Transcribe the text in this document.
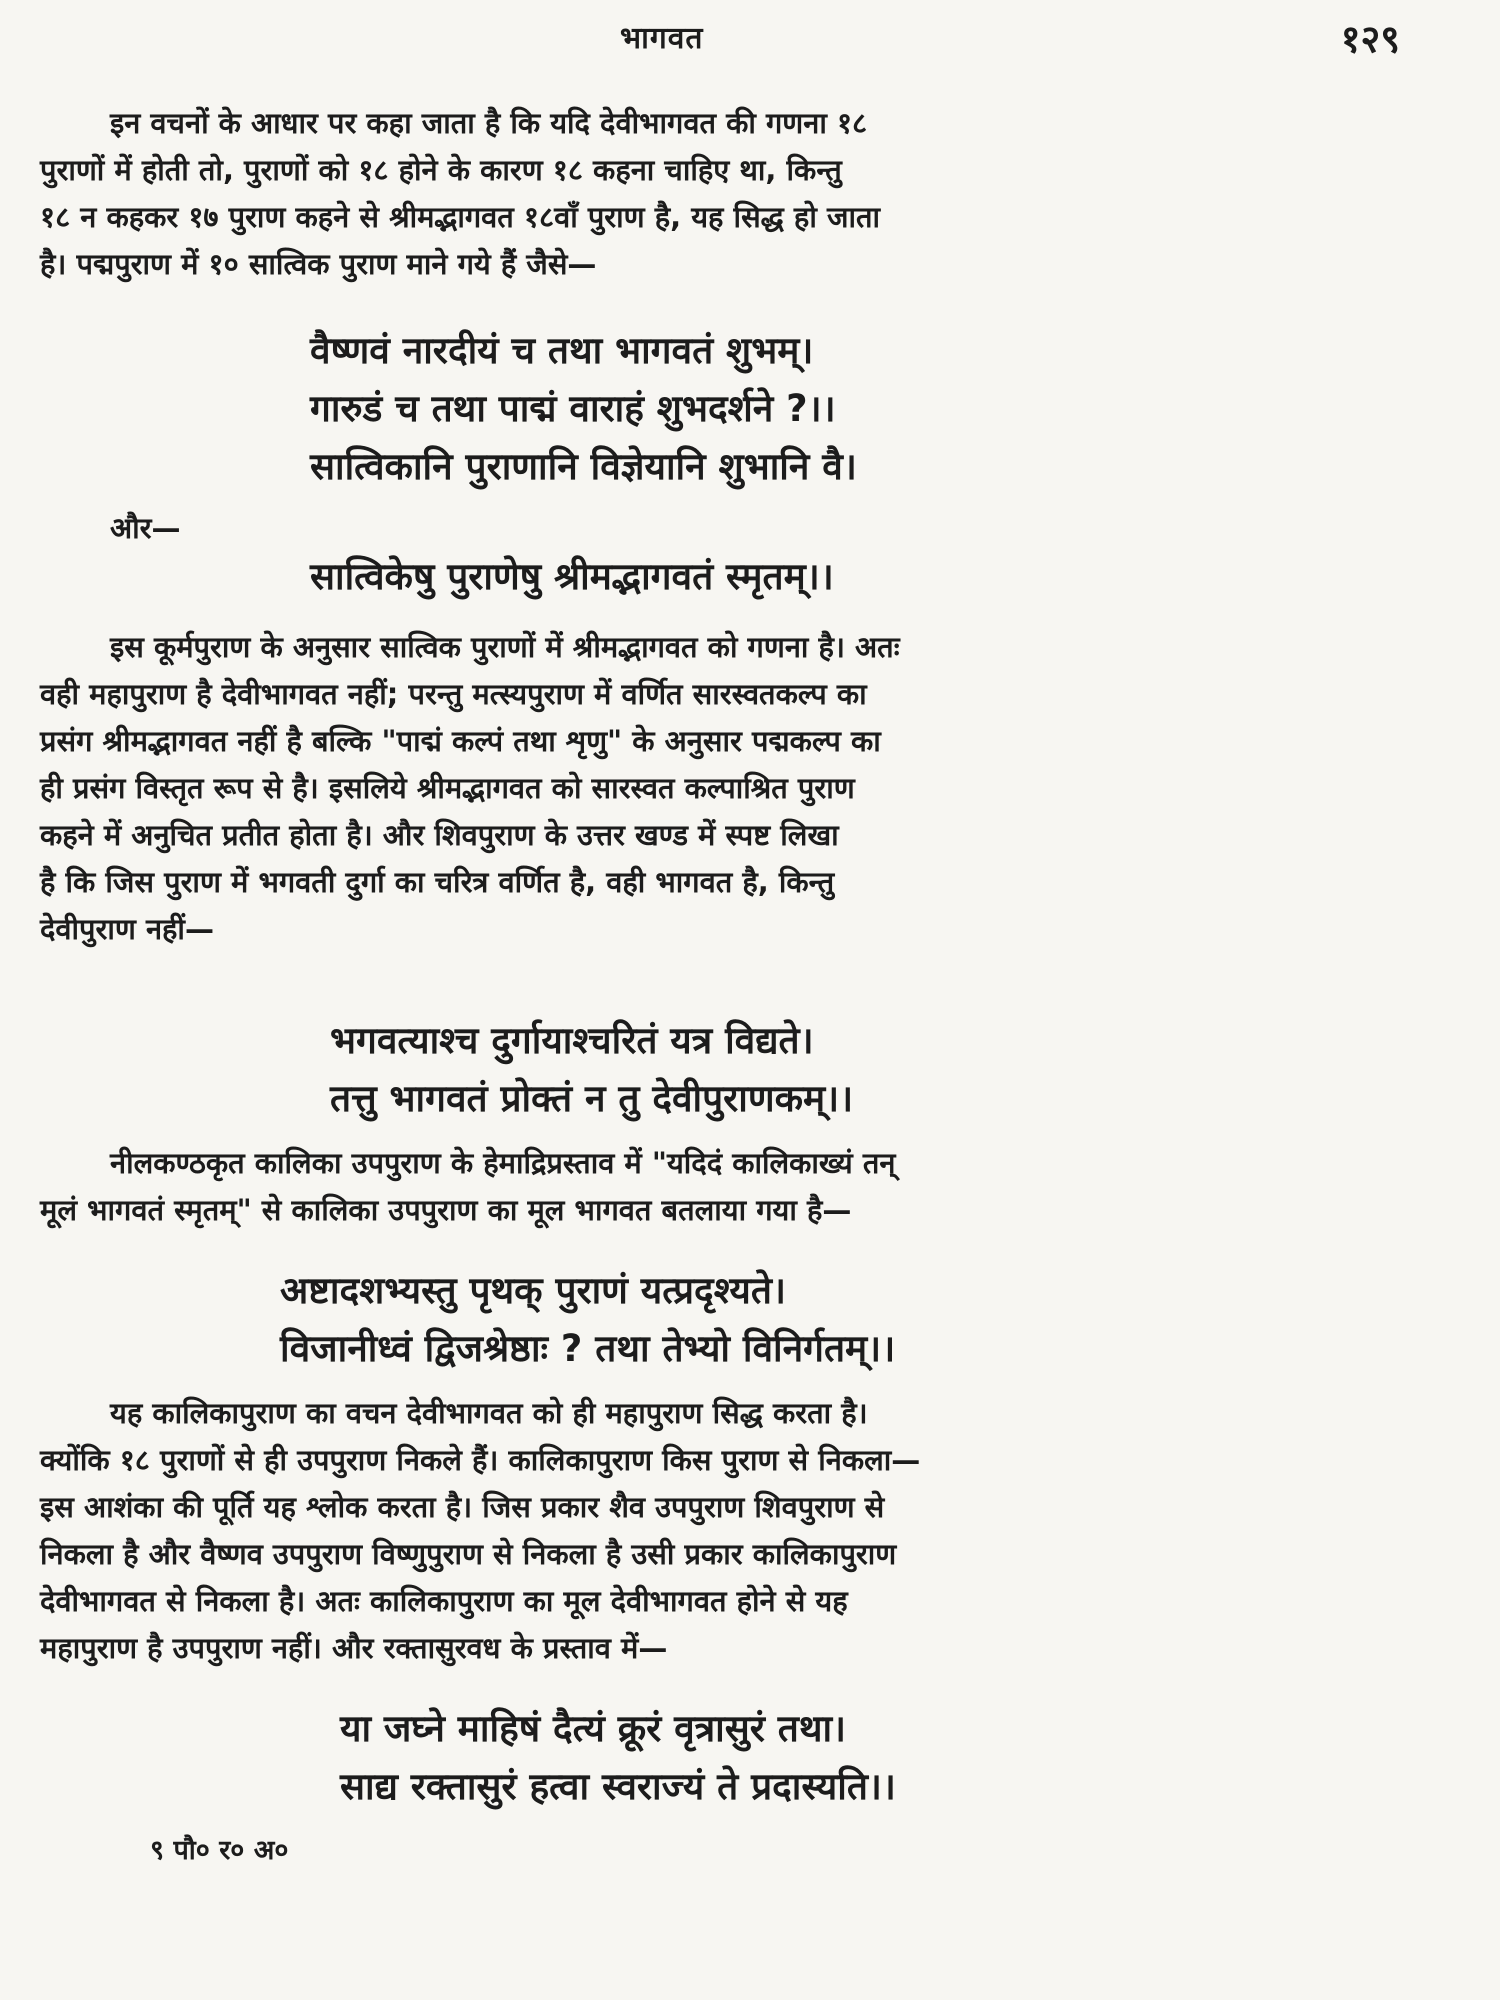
भागवत	१२९
इन वचनों के आधार पर कहा जाता है कि यदि देवीभागवत की गणना १८
पुराणों में होती तो, पुराणों को १८ होने के कारण १८ कहना चाहिए था, किन्तु
१८ न कहकर १७ पुराण कहने से श्रीमद्भागवत १८वाँ पुराण है, यह सिद्ध हो जाता
है। पद्मपुराण में १० सात्विक पुराण माने गये हैं जैसे—
वैष्णवं नारदीयं च तथा भागवतं शुभम्।
गारुडं च तथा पाद्मं वाराहं शुभदर्शने ?।।
सात्विकानि पुराणानि विज्ञेयानि शुभानि वै।
और—
सात्विकेषु पुराणेषु श्रीमद्भागवतं स्मृतम्।।
इस कूर्मपुराण के अनुसार सात्विक पुराणों में श्रीमद्भागवत को गणना है। अतः
वही महापुराण है देवीभागवत नहीं; परन्तु मत्स्यपुराण में वर्णित सारस्वतकल्प का
प्रसंग श्रीमद्भागवत नहीं है बल्कि "पाद्मं कल्पं तथा शृणु" के अनुसार पद्मकल्प का
ही प्रसंग विस्तृत रूप से है। इसलिये श्रीमद्भागवत को सारस्वत कल्पाश्रित पुराण
कहने में अनुचित प्रतीत होता है। और शिवपुराण के उत्तर खण्ड में स्पष्ट लिखा
है कि जिस पुराण में भगवती दुर्गा का चरित्र वर्णित है, वही भागवत है, किन्तु
देवीपुराण नहीं—
भगवत्याश्च दुर्गायाश्चरितं यत्र विद्यते।
तत्तु भागवतं प्रोक्तं न तु देवीपुराणकम्।।
नीलकण्ठकृत कालिका उपपुराण के हेमाद्रिप्रस्ताव में "यदिदं कालिकाख्यं तन्
मूलं भागवतं स्मृतम्" से कालिका उपपुराण का मूल भागवत बतलाया गया है—
अष्टादशभ्यस्तु पृथक् पुराणं यत्प्रदृश्यते।
विजानीध्वं द्विजश्रेष्ठाः ? तथा तेभ्यो विनिर्गतम्।।
यह कालिकापुराण का वचन देवीभागवत को ही महापुराण सिद्ध करता है।
क्योंकि १८ पुराणों से ही उपपुराण निकले हैं। कालिकापुराण किस पुराण से निकला—
इस आशंका की पूर्ति यह श्लोक करता है। जिस प्रकार शैव उपपुराण शिवपुराण से
निकला है और वैष्णव उपपुराण विष्णुपुराण से निकला है उसी प्रकार कालिकापुराण
देवीभागवत से निकला है। अतः कालिकापुराण का मूल देवीभागवत होने से यह
महापुराण है उपपुराण नहीं। और रक्तासुरवध के प्रस्ताव में—
या जघ्ने माहिषं दैत्यं क्रूरं वृत्रासुरं तथा।
साद्य रक्तासुरं हत्वा स्वराज्यं ते प्रदास्यति।।
९ पौ० र० अ०
